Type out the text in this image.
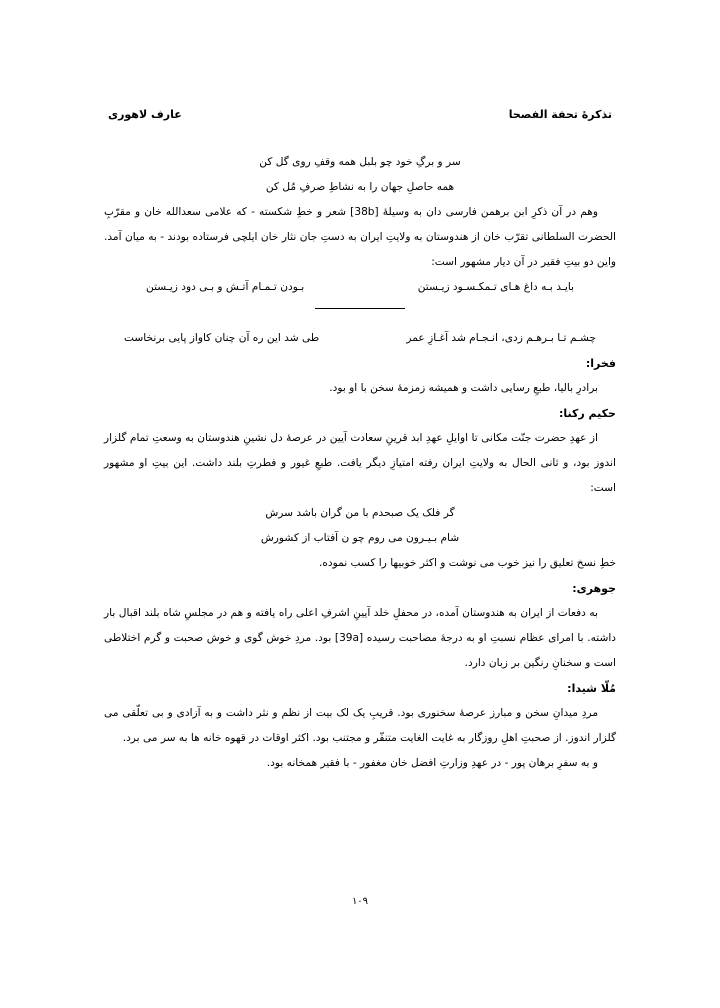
تذکرۀ تحفة الفصحا
عارف لاهوری
سر و برگِ خود چو بلبل همه وقفِ روی گل کن
همه حاصلِ جهان را به نشاطِ صرفِ مُل کن

وهم در آن ذکرِ ابن برهمن فارسی دان به وسیلۀ [38b] شعر و خطِ شکسته - که علامی سعدالله خان و مقرّبِ الحضرت السلطانی تقرّب خان از هندوستان به ولایتِ ایران به دستِ جان نثار خان ایلچی فرستاده بودند - به میان آمد. واین دو بیتِ فقیر در آن دیار مشهور است:

بایـد بـه داغ هـای تـمکـسـود زیـستن
بـودن تـمـام آتـش و بـی دود زیـستن
چشـم تـا بـرهـم زدی، انـجـام شد آغـازِ عمر
طی شد این ره آن چنان کاواز پایی برنخاست
فخرا:

برادرِ بالیا، طبعِ رسایی داشت و همیشه زمزمۀ سخن با او بود.

حکیم رکنا:

از عهدِ حضرت جنّت مکانی تا اوایلِ عهدِ ابد قرینِ سعادت آیین در عرصۀ دل نشینِ هندوستان به وسعتِ تمام گلزار اندوز بود، و ثانی الحال به ولایتِ ایران رفته امتیازِ دیگر یافت. طبعِ غیور و فطرتِ بلند داشت. این بیتِ او مشهور است:

گر فلک یک صبحدم با من گران باشد سرش
شام بـیـرون می روم چو ن آفتاب از کشورش

خطِ نسخ تعلیق را نیز خوب می نوشت و اکثر خوبیها را کسب نموده.

جوهری:

به دفعات از ایران به هندوستان آمده، در محفلِ خلد آیینِ اشرفِ اعلی راه یافته و هم در مجلسِ شاه بلند اقبال بار داشته. با امرای عظام نسبتِ او به درجۀ مصاحبت رسیده [39a] بود. مردِ خوش گوی و خوش صحبت و گرم اختلاطی است و سخنانِ رنگین بر زبان دارد.

مُلّا شیدا:

مردِ میدانِ سخن و مبارز عرصۀ سخنوری بود. قریبِ یک لک بیت از نظم و نثر داشت و به آزادی و بی تعلّقی می گلزار اندوز. از صحبتِ اهلِ روزگار به غایت الغایت متنفّر و مجتنب بود. اکثر اوقات در قهوه خانه ها به سر می برد.

و به سفرِ برهان پور - در عهدِ وزارتِ افضل خان مغفور - با فقیر همخانه بود.

۱۰۹
